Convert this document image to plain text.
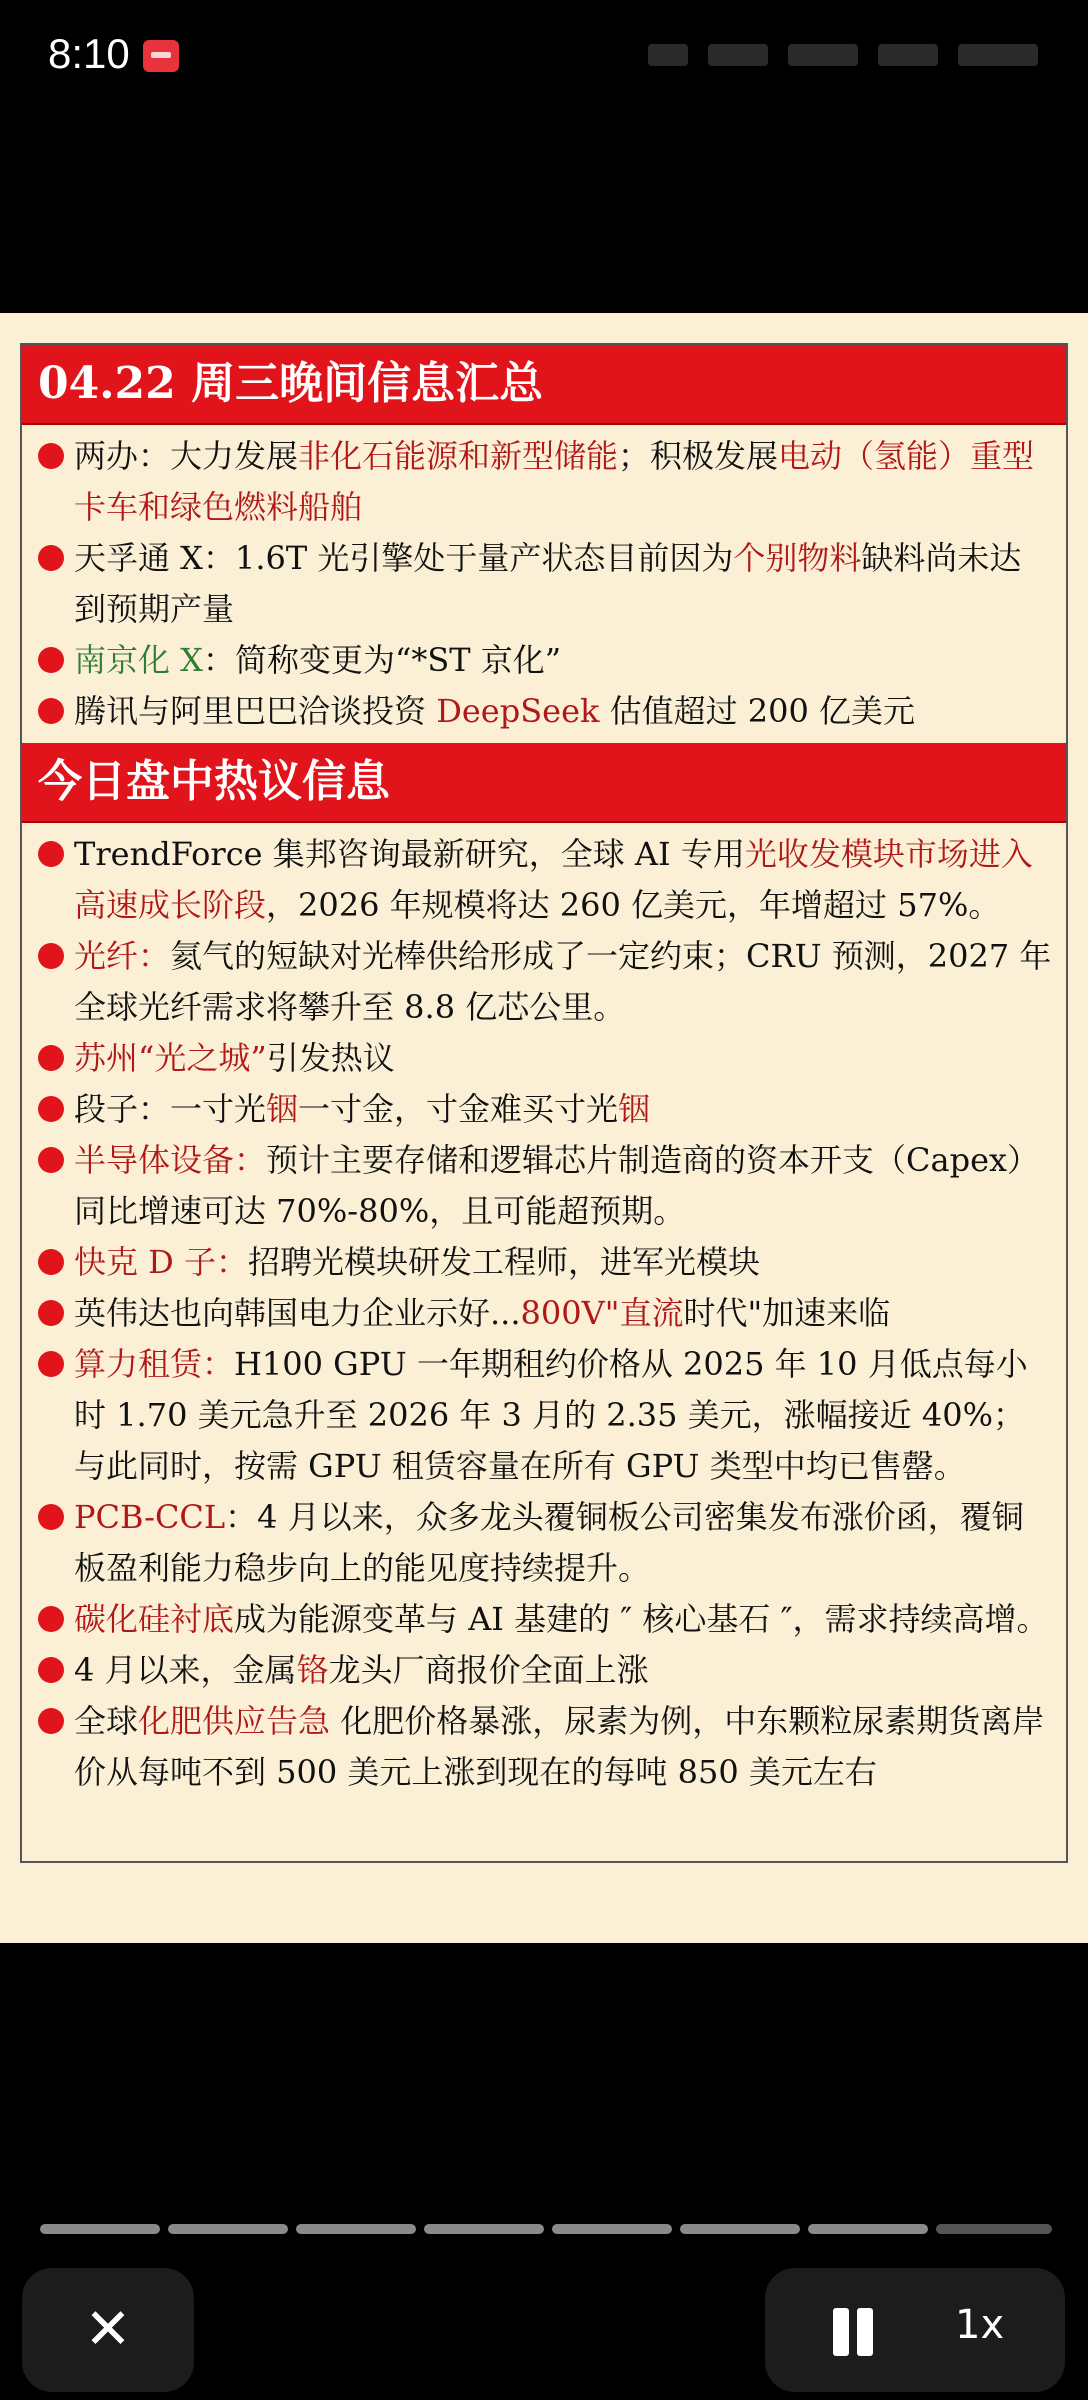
8:10
04.22 周三晚间信息汇总
两办：大力发展非化石能源和新型储能；积极发展电动（氢能）重型卡车和绿色燃料船舶
天孚通 X：1.6T 光引擎处于量产状态目前因为个别物料缺料尚未达到预期产量
南京化 X：简称变更为“*ST 京化”
腾讯与阿里巴巴洽谈投资 DeepSeek 估值超过 200 亿美元
今日盘中热议信息
TrendForce 集邦咨询最新研究，全球 AI 专用光收发模块市场进入高速成长阶段，2026 年规模将达 260 亿美元，年增超过 57%。
光纤：氦气的短缺对光棒供给形成了一定约束；CRU 预测，2027 年全球光纤需求将攀升至 8.8 亿芯公里。
苏州“光之城”引发热议
段子：一寸光铟一寸金，寸金难买寸光铟
半导体设备：预计主要存储和逻辑芯片制造商的资本开支（Capex）同比增速可达 70%-80%，且可能超预期。
快克 D 子：招聘光模块研发工程师，进军光模块
英伟达也向韩国电力企业示好...800V"直流时代"加速来临
算力租赁：H100 GPU 一年期租约价格从 2025 年 10 月低点每小时 1.70 美元急升至 2026 年 3 月的 2.35 美元，涨幅接近 40%；与此同时，按需 GPU 租赁容量在所有 GPU 类型中均已售罄。
PCB-CCL：4 月以来，众多龙头覆铜板公司密集发布涨价函，覆铜板盈利能力稳步向上的能见度持续提升。
碳化硅衬底成为能源变革与 AI 基建的 ″ 核心基石 ″，需求持续高增。
4 月以来，金属铬龙头厂商报价全面上涨
全球化肥供应告急 化肥价格暴涨，尿素为例，中东颗粒尿素期货离岸价从每吨不到 500 美元上涨到现在的每吨 850 美元左右
✕	1x
